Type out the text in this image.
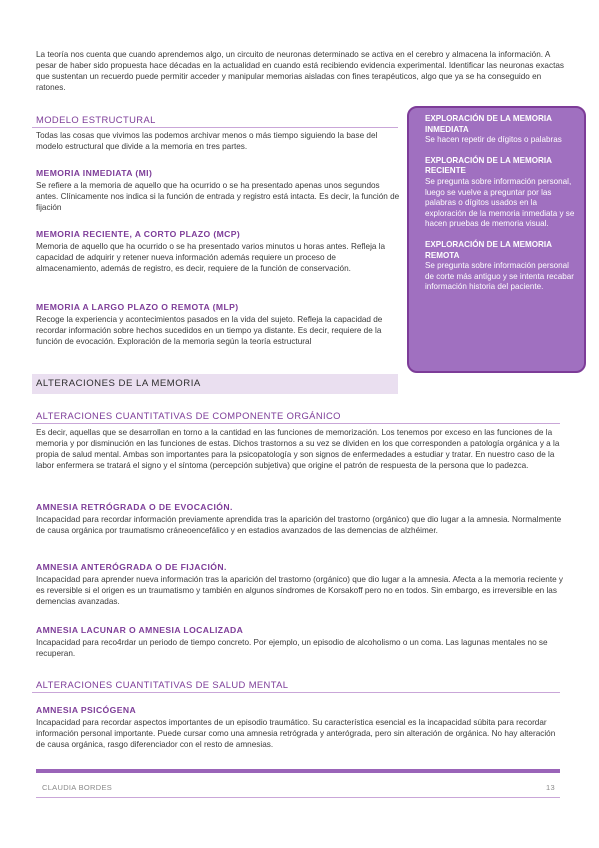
La teoría nos cuenta que cuando aprendemos algo, un circuito de neuronas determinado se activa en el cerebro y almacena la información. A pesar de haber sido propuesta hace décadas en la actualidad en cuando está recibiendo evidencia experimental. Identificar las neuronas exactas que sustentan un recuerdo puede permitir acceder y manipular memorias aisladas con fines terapéuticos, algo que ya se ha conseguido en ratones.

MODELO ESTRUCTURAL

Todas las cosas que vivimos las podemos archivar menos o más tiempo siguiendo la base del modelo estructural que divide a la memoria en tres partes.

MEMORIA INMEDIATA (MI)

Se refiere a la memoria de aquello que ha ocurrido o se ha presentado apenas unos segundos antes. Clínicamente nos indica si la función de entrada y registro está intacta. Es decir, la función de fijación

MEMORIA RECIENTE, A CORTO PLAZO (MCP)

Memoria de aquello que ha ocurrido o se ha presentado varios minutos u horas antes. Refleja la capacidad de adquirir y retener nueva información además requiere un proceso de almacenamiento, además de registro, es decir, requiere de la función de conservación.

MEMORIA A LARGO PLAZO O REMOTA (MLP)

Recoge la experiencia y acontecimientos pasados en la vida del sujeto. Refleja la capacidad de recordar información sobre hechos sucedidos en un tiempo ya distante. Es decir, requiere de la función de evocación. Exploración de la memoria según la teoría estructural

EXPLORACIÓN DE LA MEMORIA INMEDIATA

Se hacen repetir de dígitos o palabras

EXPLORACIÓN DE LA MEMORIA RECIENTE

Se pregunta sobre información personal, luego se vuelve a preguntar por las palabras o dígitos usados en la exploración de la memoria inmediata y se hacen pruebas de memoria visual.

EXPLORACIÓN DE LA MEMORIA REMOTA

Se pregunta sobre información personal de corte más antiguo y se intenta recabar información historia del paciente.

ALTERACIONES DE LA MEMORIA
ALTERACIONES CUANTITATIVAS DE COMPONENTE ORGÁNICO

Es decir, aquellas que se desarrollan en torno a la cantidad en las funciones de memorización. Los tenemos por exceso en las funciones de la memoria y por disminución en las funciones de estas. Dichos trastornos a su vez se dividen en los que corresponden a patología orgánica y a la propia de salud mental. Ambas son importantes para la psicopatología y son signos de enfermedades a estudiar y tratar. En nuestro caso de la labor enfermera se tratará el signo y el síntoma (percepción subjetiva) que origine el patrón de respuesta de la persona que lo padezca.

AMNESIA RETRÓGRADA O DE EVOCACIÓN.

Incapacidad para recordar información previamente aprendida tras la aparición del trastorno (orgánico) que dio lugar a la amnesia. Normalmente de causa orgánica por traumatismo cráneoencefálico y en estadios avanzados de las demencias de alzhéimer.

AMNESIA ANTERÓGRADA O DE FIJACIÓN.

Incapacidad para aprender nueva información tras la aparición del trastorno (orgánico) que dio lugar a la amnesia. Afecta a la memoria reciente y es reversible si el origen es un traumatismo y también en algunos síndromes de Korsakoff pero no en todos. Sin embargo, es irreversible en las demencias avanzadas.

AMNESIA LACUNAR O AMNESIA LOCALIZADA

Incapacidad para reco4rdar un periodo de tiempo concreto. Por ejemplo, un episodio de alcoholismo o un coma. Las lagunas mentales no se recuperan.

ALTERACIONES CUANTITATIVAS DE SALUD MENTAL

AMNESIA PSICÓGENA

Incapacidad para recordar aspectos importantes de un episodio traumático. Su característica esencial es la incapacidad súbita para recordar información personal importante. Puede cursar como una amnesia retrógrada y anterógrada, pero sin alteración de orgánica. No hay alteración de causa orgánica, rasgo diferenciador con el resto de amnesias.

CLAUDIA BORDES	13
